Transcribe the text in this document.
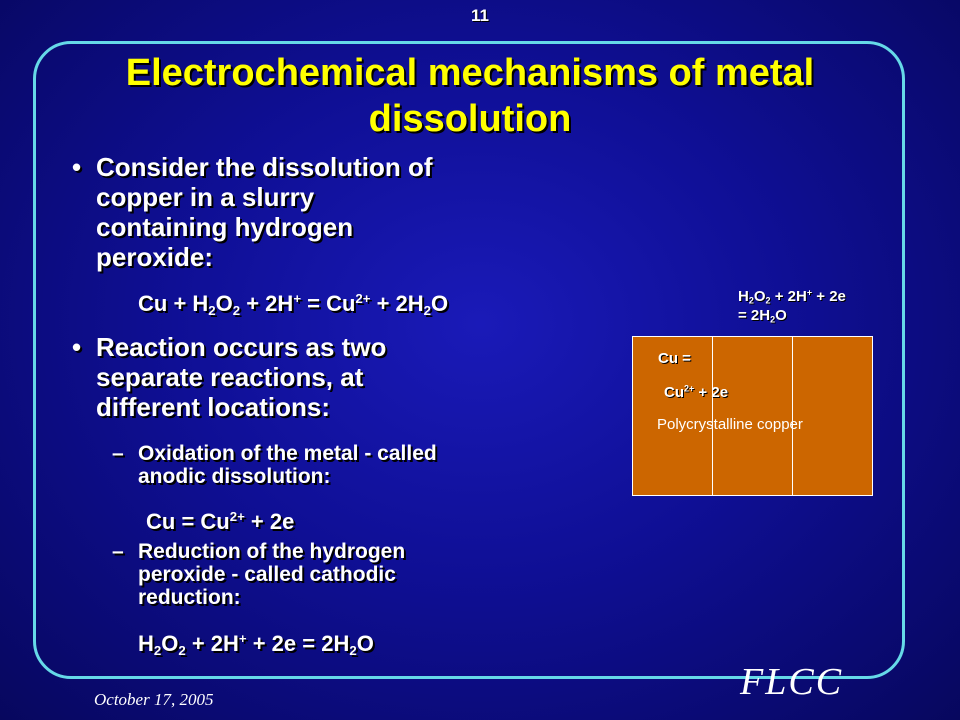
11
Electrochemical mechanisms of metal
dissolution
• Consider the dissolution of
copper in a slurry
containing hydrogen
peroxide:
$Cu + H_2O_2 + 2H^+ = Cu^{2+} + 2H_2O$
• Reaction occurs as two
separate reactions, at
different locations:
– Oxidation of the metal - called
anodic dissolution:
$Cu = Cu^{2+} + 2e$
– Reduction of the hydrogen
peroxide - called cathodic
reduction:
$H_2O_2 + 2H^+ + 2e = 2H_2O$
$H_2O_2 + 2H^+ + 2e$
= $2H_2O$
Cu =
$Cu^{2+} + 2e$
Polycrystalline copper
October 17, 2005	FLCC
